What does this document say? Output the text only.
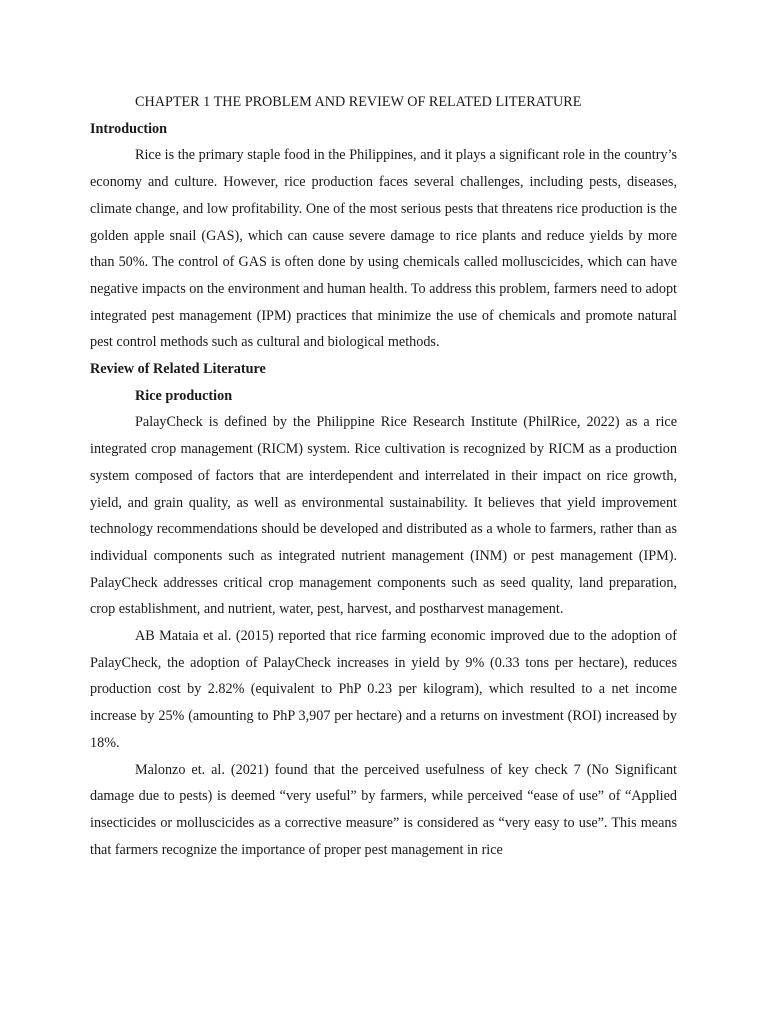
CHAPTER 1 THE PROBLEM AND REVIEW OF RELATED LITERATURE
Introduction

Rice is the primary staple food in the Philippines, and it plays a significant role in the country’s economy and culture. However, rice production faces several challenges, including pests, diseases, climate change, and low profitability. One of the most serious pests that threatens rice production is the golden apple snail (GAS), which can cause severe damage to rice plants and reduce yields by more than 50%. The control of GAS is often done by using chemicals called molluscicides, which can have negative impacts on the environment and human health. To address this problem, farmers need to adopt integrated pest management (IPM) practices that minimize the use of chemicals and promote natural pest control methods such as cultural and biological methods.

Review of Related Literature
Rice production

PalayCheck is defined by the Philippine Rice Research Institute (PhilRice, 2022) as a rice integrated crop management (RICM) system. Rice cultivation is recognized by RICM as a production system composed of factors that are interdependent and interrelated in their impact on rice growth, yield, and grain quality, as well as environmental sustainability. It believes that yield improvement technology recommendations should be developed and distributed as a whole to farmers, rather than as individual components such as integrated nutrient management (INM) or pest management (IPM). PalayCheck addresses critical crop management components such as seed quality, land preparation, crop establishment, and nutrient, water, pest, harvest, and postharvest management.

AB Mataia et al. (2015) reported that rice farming economic improved due to the adoption of PalayCheck, the adoption of PalayCheck increases in yield by 9% (0.33 tons per hectare), reduces production cost by 2.82% (equivalent to PhP 0.23 per kilogram), which resulted to a net income increase by 25% (amounting to PhP 3,907 per hectare) and a returns on investment (ROI) increased by 18%.

Malonzo et. al. (2021) found that the perceived usefulness of key check 7 (No Significant damage due to pests) is deemed “very useful” by farmers, while perceived “ease of use” of “Applied insecticides or molluscicides as a corrective measure” is considered as “very easy to use”. This means that farmers recognize the importance of proper pest management in rice
